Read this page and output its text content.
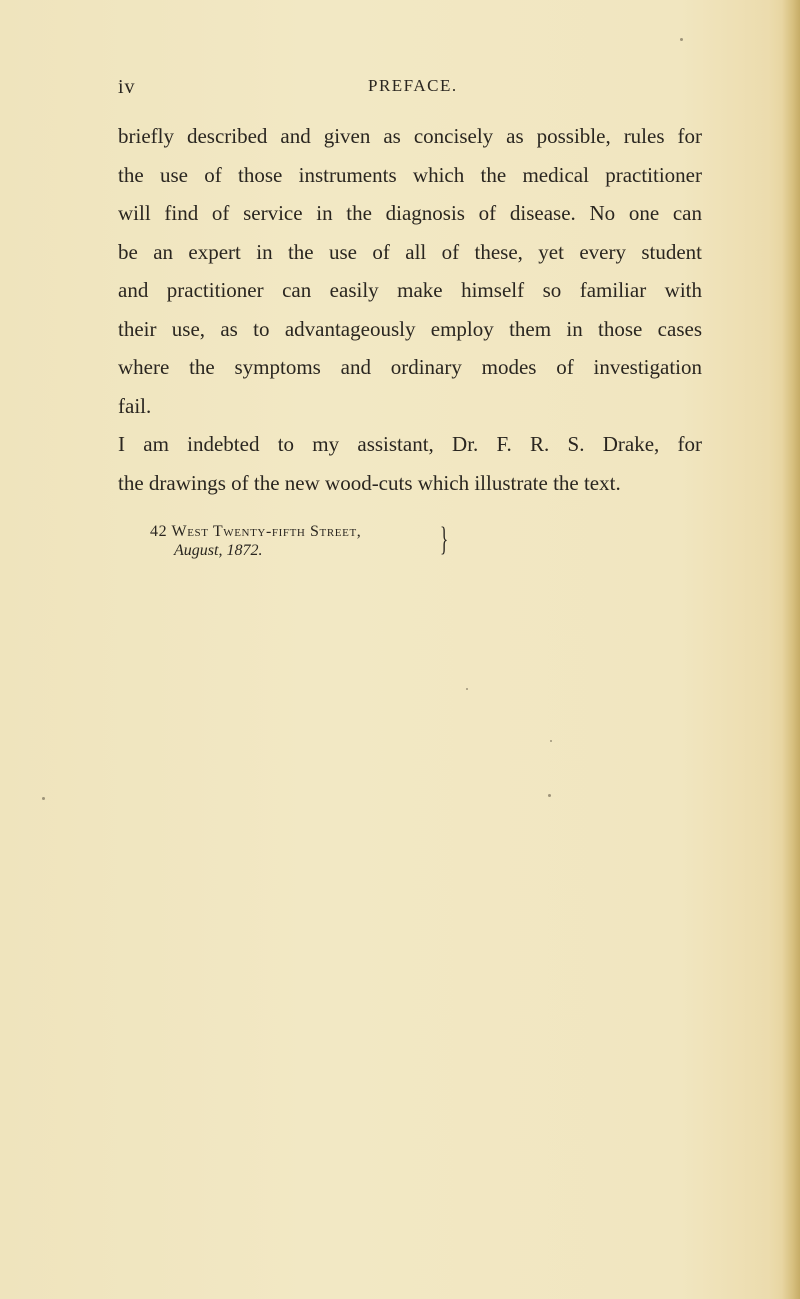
iv	PREFACE.
briefly described and given as concisely as possible, rules for
the use of those instruments which the medical practitioner
will find of service in the diagnosis of disease. No one can
be an expert in the use of all of these, yet every student
and practitioner can easily make himself so familiar with
their use, as to advantageously employ them in those cases
where the symptoms and ordinary modes of investigation
fail.
I am indebted to my assistant, Dr. F. R. S. Drake, for
the drawings of the new wood-cuts which illustrate the text.
42 West Twenty-fifth Street,
August, 1872.	}
